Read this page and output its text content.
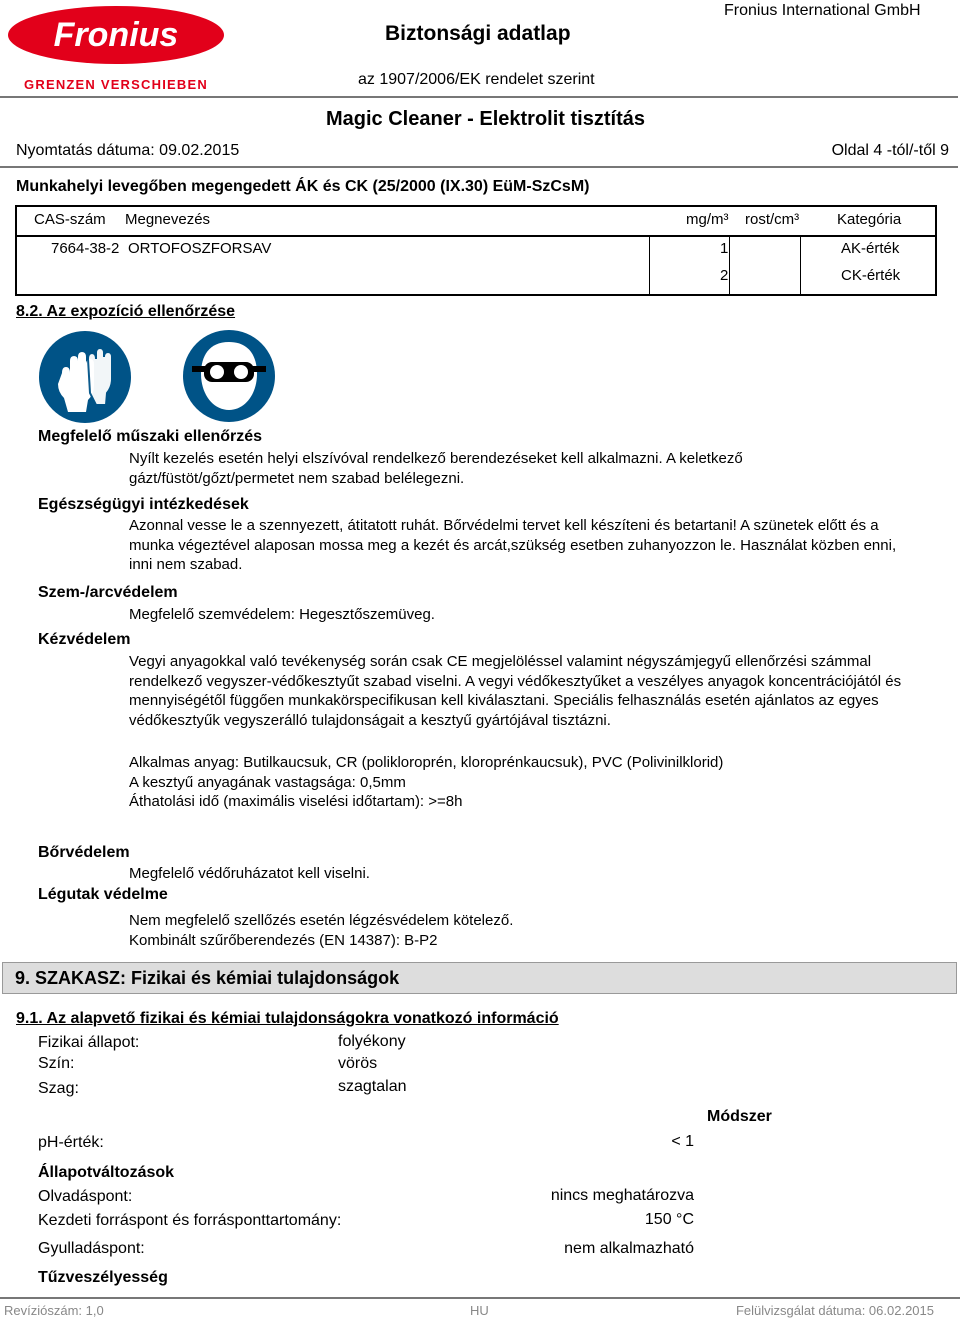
Fronius
GRENZEN VERSCHIEBEN
Biztonsági adatlap
Fronius International GmbH
az 1907/2006/EK rendelet szerint
Magic Cleaner - Elektrolit tisztítás
Nyomtatás dátuma: 09.02.2015	Oldal 4 -tól/-től 9
Munkahelyi levegőben megengedett ÁK és CK (25/2000 (IX.30) EüM-SzCsM)
CAS-szám Megnevezés	mg/m³ rost/cm³	Kategória
7664-38-2 ORTOFOSZFORSAV	1	AK-érték
2	CK-érték
8.2. Az expozíció ellenőrzése
Megfelelő műszaki ellenőrzés
Nyílt kezelés esetén helyi elszívóval rendelkező berendezéseket kell alkalmazni. A keletkező gázt/füstöt/gőzt/permetet nem szabad belélegezni.
Egészségügyi intézkedések
Azonnal vesse le a szennyezett, átitatott ruhát. Bőrvédelmi tervet kell készíteni és betartani! A szünetek előtt és a munka végeztével alaposan mossa meg a kezét és arcát,szükség esetben zuhanyozzon le. Használat közben enni, inni nem szabad.
Szem-/arcvédelem
Megfelelő szemvédelem: Hegesztőszemüveg.
Kézvédelem
Vegyi anyagokkal való tevékenység során csak CE megjelöléssel valamint négyszámjegyű ellenőrzési számmal rendelkező vegyszer-védőkesztyűt szabad viselni. A vegyi védőkesztyűket a veszélyes anyagok koncentrációjától és mennyiségétől függően munkakörspecifikusan kell kiválasztani. Speciális felhasználás esetén ajánlatos az egyes védőkesztyűk vegyszerálló tulajdonságait a kesztyű gyártójával tisztázni.
Alkalmas anyag: Butilkaucsuk, CR (polikloroprén, kloroprénkaucsuk), PVC (Polivinilklorid)
A kesztyű anyagának vastagsága: 0,5mm
Áthatolási idő (maximális viselési időtartam): >=8h
Bőrvédelem
Megfelelő védőruházatot kell viselni.
Légutak védelme
Nem megfelelő szellőzés esetén légzésvédelem kötelező.
Kombinált szűrőberendezés (EN 14387): B-P2
9. SZAKASZ: Fizikai és kémiai tulajdonságok
9.1. Az alapvető fizikai és kémiai tulajdonságokra vonatkozó információ
Fizikai állapot:	folyékony
Szín:	vörös
Szag:	szagtalan
Módszer
pH-érték:	< 1
Állapotváltozások
Olvadáspont:	nincs meghatározva
Kezdeti forráspont és forrásponttartomány:	150 °C
Gyulladáspont:	nem alkalmazható
Tűzveszélyesség
Revíziószám: 1,0	HU	Felülvizsgálat dátuma: 06.02.2015
